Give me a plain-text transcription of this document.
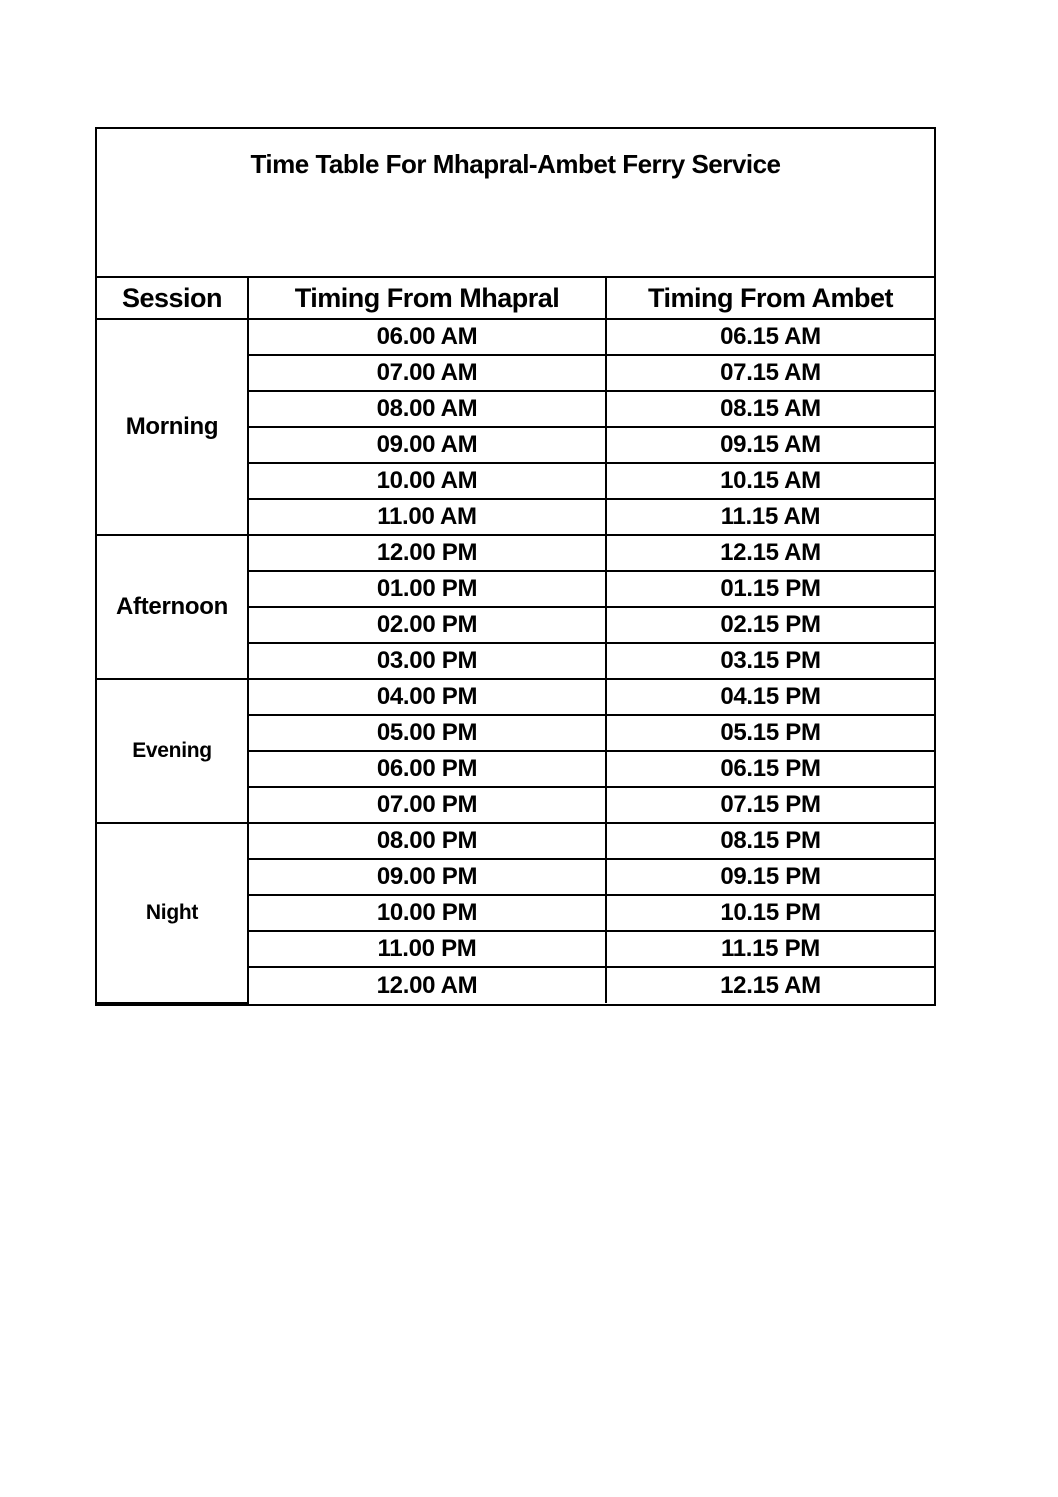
Time Table For Mhapral-Ambet Ferry Service
Session	Timing From Mhapral	Timing From Ambet
Morning	06.00 AM	06.15 AM
	07.00 AM	07.15 AM
	08.00 AM	08.15 AM
	09.00 AM	09.15 AM
	10.00 AM	10.15 AM
	11.00 AM	11.15 AM
Afternoon	12.00 PM	12.15 AM
	01.00 PM	01.15 PM
	02.00 PM	02.15 PM
	03.00 PM	03.15 PM
Evening	04.00 PM	04.15 PM
	05.00 PM	05.15 PM
	06.00 PM	06.15 PM
	07.00 PM	07.15 PM
Night	08.00 PM	08.15 PM
	09.00 PM	09.15 PM
	10.00 PM	10.15 PM
	11.00 PM	11.15 PM
	12.00 AM	12.15 AM
